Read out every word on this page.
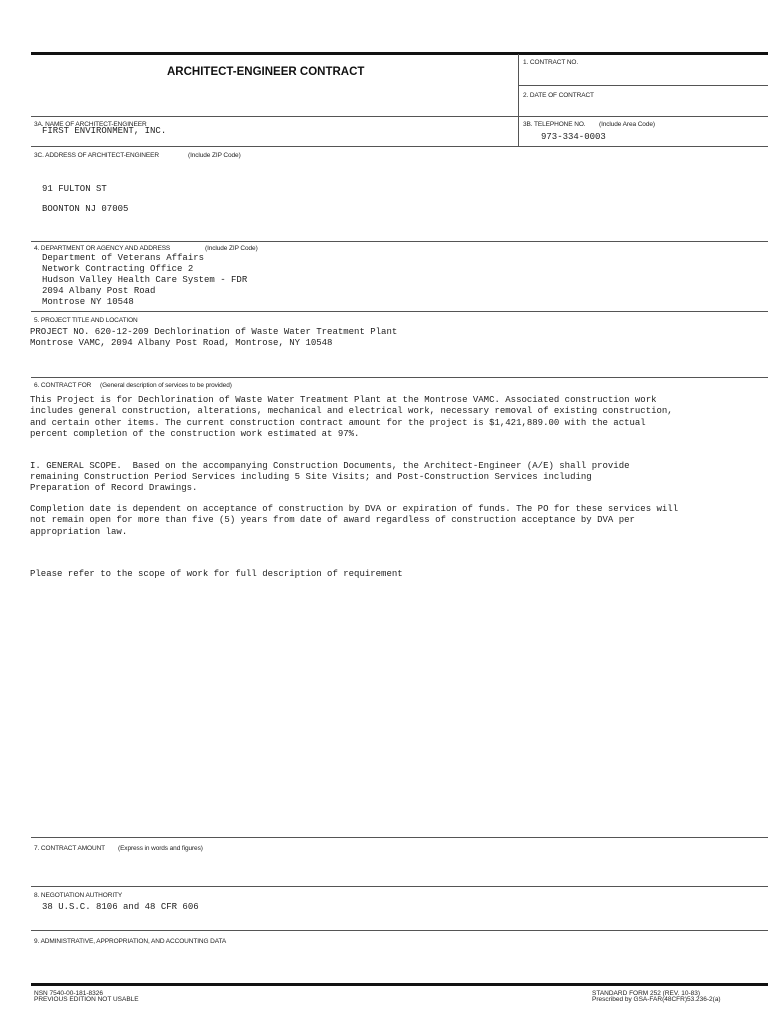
ARCHITECT-ENGINEER CONTRACT
1. CONTRACT NO.
2. DATE OF CONTRACT
3A. NAME OF ARCHITECT-ENGINEER
FIRST ENVIRONMENT, INC.
3B. TELEPHONE NO. (Include Area Code)
973-334-0003
3C. ADDRESS OF ARCHITECT-ENGINEER	(Include ZIP Code)
91 FULTON ST
BOONTON NJ 07005
4. DEPARTMENT OR AGENCY AND ADDRESS	(Include ZIP Code)
Department of Veterans Affairs
Network Contracting Office 2
Hudson Valley Health Care System - FDR
2094 Albany Post Road
Montrose NY 10548
5. PROJECT TITLE AND LOCATION
PROJECT NO. 620-12-209 Dechlorination of Waste Water Treatment Plant
Montrose VAMC, 2094 Albany Post Road, Montrose, NY 10548
6. CONTRACT FOR (General description of services to be provided)
This Project is for Dechlorination of Waste Water Treatment Plant at the Montrose VAMC. Associated construction work
includes general construction, alterations, mechanical and electrical work, necessary removal of existing construction,
and certain other items. The current construction contract amount for the project is $1,421,889.00 with the actual
percent completion of the construction work estimated at 97%.
I. GENERAL SCOPE.  Based on the accompanying Construction Documents, the Architect-Engineer (A/E) shall provide
remaining Construction Period Services including 5 Site Visits; and Post-Construction Services including
Preparation of Record Drawings.
Completion date is dependent on acceptance of construction by DVA or expiration of funds. The PO for these services will
not remain open for more than five (5) years from date of award regardless of construction acceptance by DVA per
appropriation law.
Please refer to the scope of work for full description of requirement
7. CONTRACT AMOUNT (Express in words and figures)
8. NEGOTIATION AUTHORITY
38 U.S.C. 8106 and 48 CFR 606
9. ADMINISTRATIVE, APPROPRIATION, AND ACCOUNTING DATA
NSN 7540-00-181-8326
PREVIOUS EDITION NOT USABLE
STANDARD FORM 252 (REV. 10-83)
Prescribed by GSA-FAR(48CFR)53.236-2(a)
